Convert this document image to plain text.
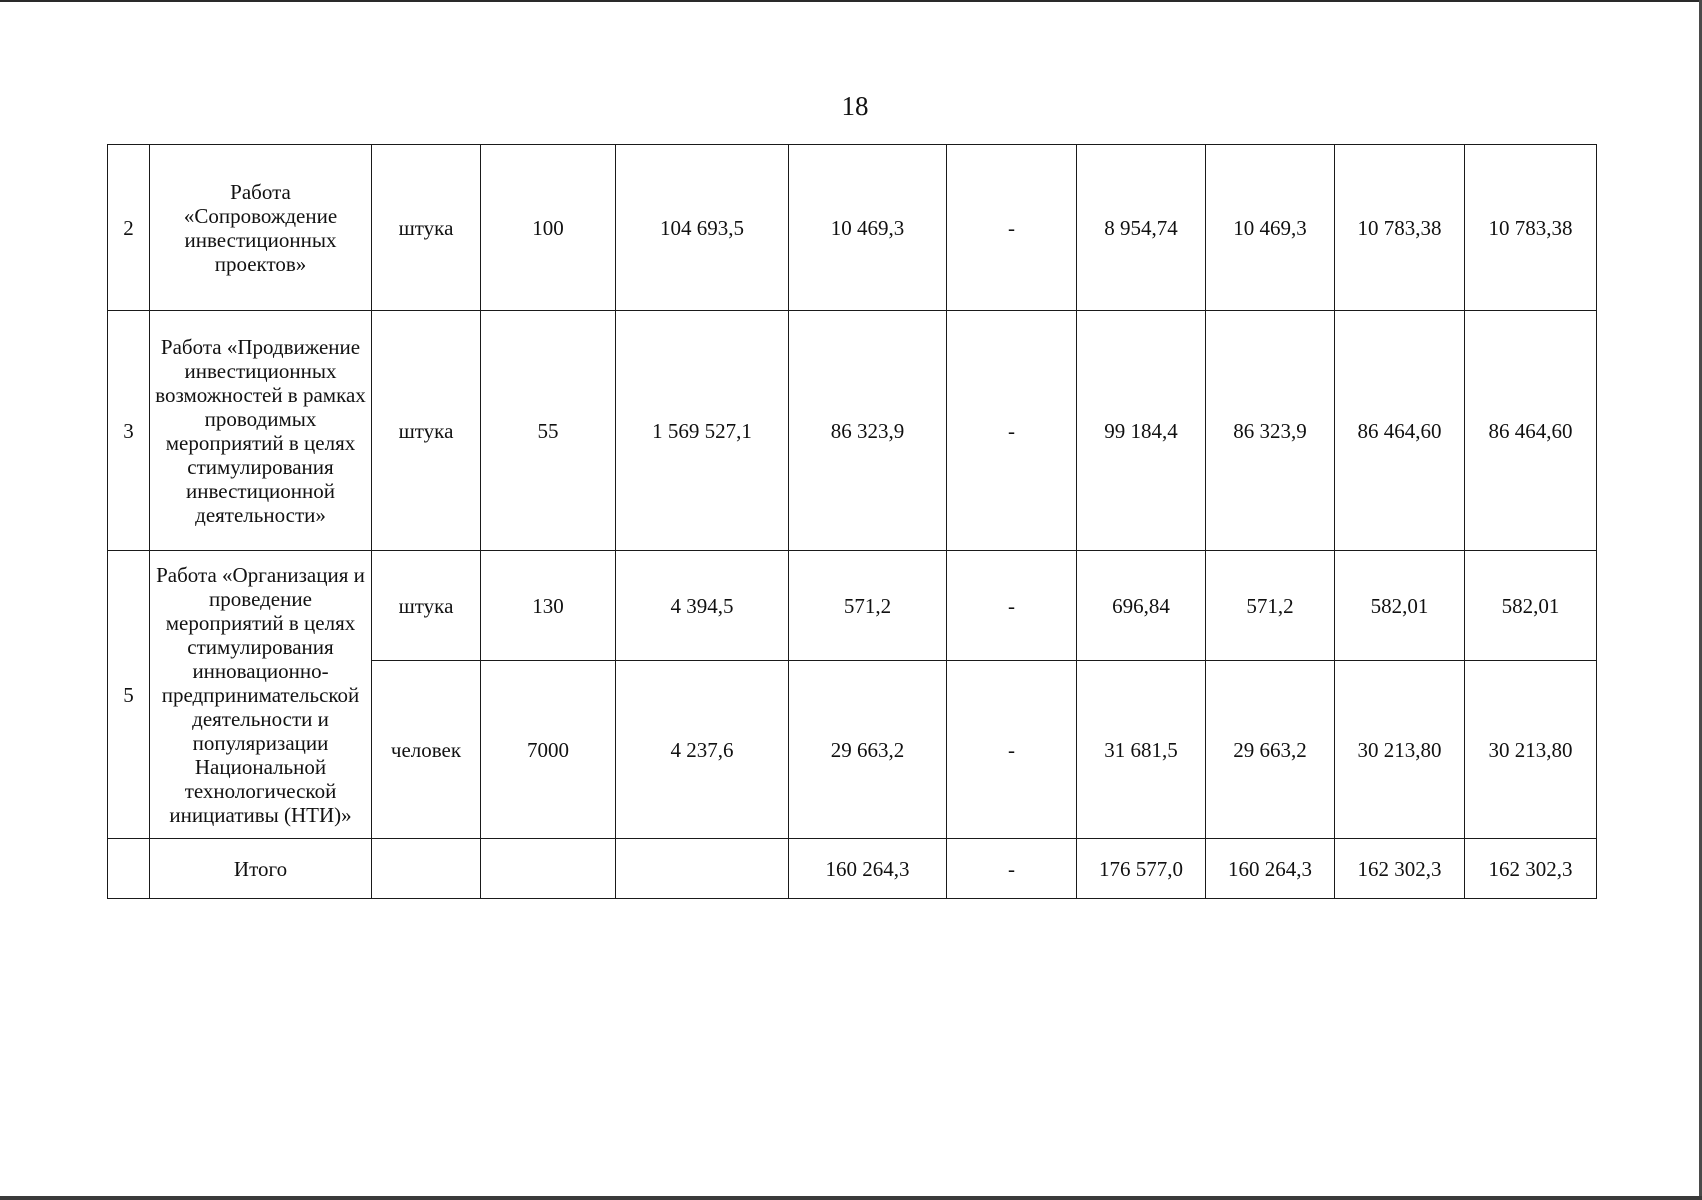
18
2	Работа «Сопровождение инвестиционных проектов»	штука	100	104 693,5	10 469,3	-	8 954,74	10 469,3	10 783,38	10 783,38
3	Работа «Продвижение инвестиционных возможностей в рамках проводимых мероприятий в целях стимулирования инвестиционной деятельности»	штука	55	1 569 527,1	86 323,9	-	99 184,4	86 323,9	86 464,60	86 464,60
5	Работа «Организация и проведение мероприятий в целях стимулирования инновационно-предпринимательской деятельности и популяризации Национальной технологической инициативы (НТИ)»	штука	130	4 394,5	571,2	-	696,84	571,2	582,01	582,01
		человек	7000	4 237,6	29 663,2	-	31 681,5	29 663,2	30 213,80	30 213,80
	Итого				160 264,3	-	176 577,0	160 264,3	162 302,3	162 302,3
